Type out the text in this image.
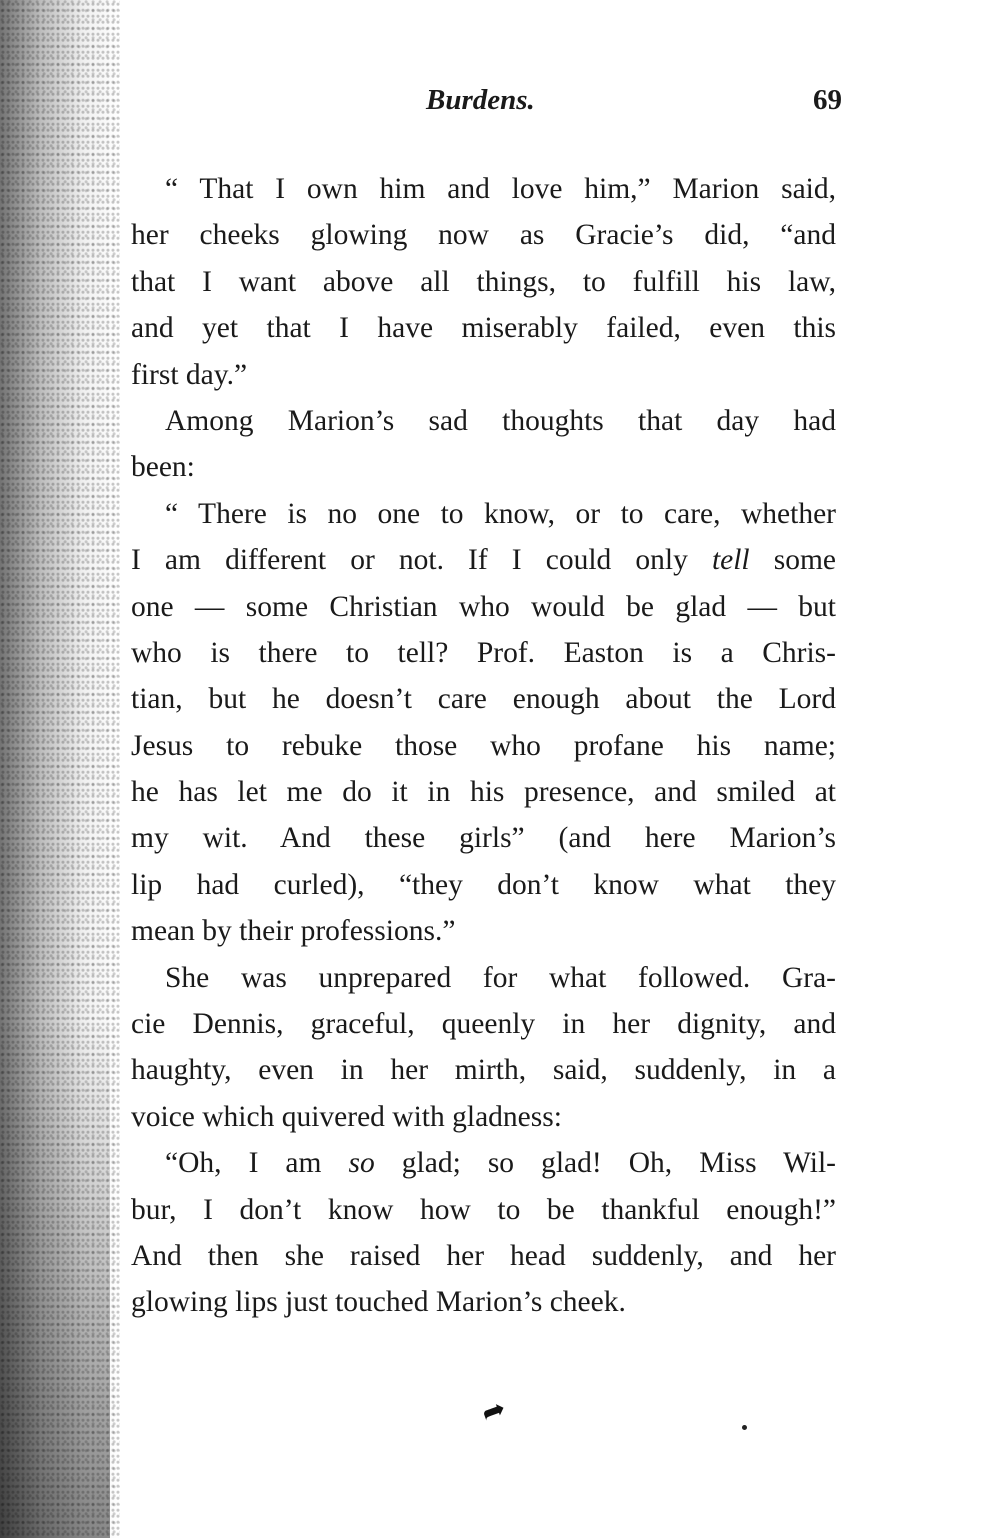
Burdens.	69
“ That I own him and love him,” Marion said,
her cheeks glowing now as Gracie’s did, “and
that I want above all things, to fulfill his law,
and yet that I have miserably failed, even this
first day.”
Among Marion’s sad thoughts that day had
been:
“ There is no one to know, or to care, whether
I am different or not. If I could only tell some
one — some Christian who would be glad — but
who is there to tell? Prof. Easton is a Chris-
tian, but he doesn’t care enough about the Lord
Jesus to rebuke those who profane his name;
he has let me do it in his presence, and smiled at
my wit. And these girls” (and here Marion’s
lip had curled), “they don’t know what they
mean by their professions.”
She was unprepared for what followed. Gra-
cie Dennis, graceful, queenly in her dignity, and
haughty, even in her mirth, said, suddenly, in a
voice which quivered with gladness:
“Oh, I am so glad; so glad! Oh, Miss Wil-
bur, I don’t know how to be thankful enough!”
And then she raised her head suddenly, and her
glowing lips just touched Marion’s cheek.
➦
